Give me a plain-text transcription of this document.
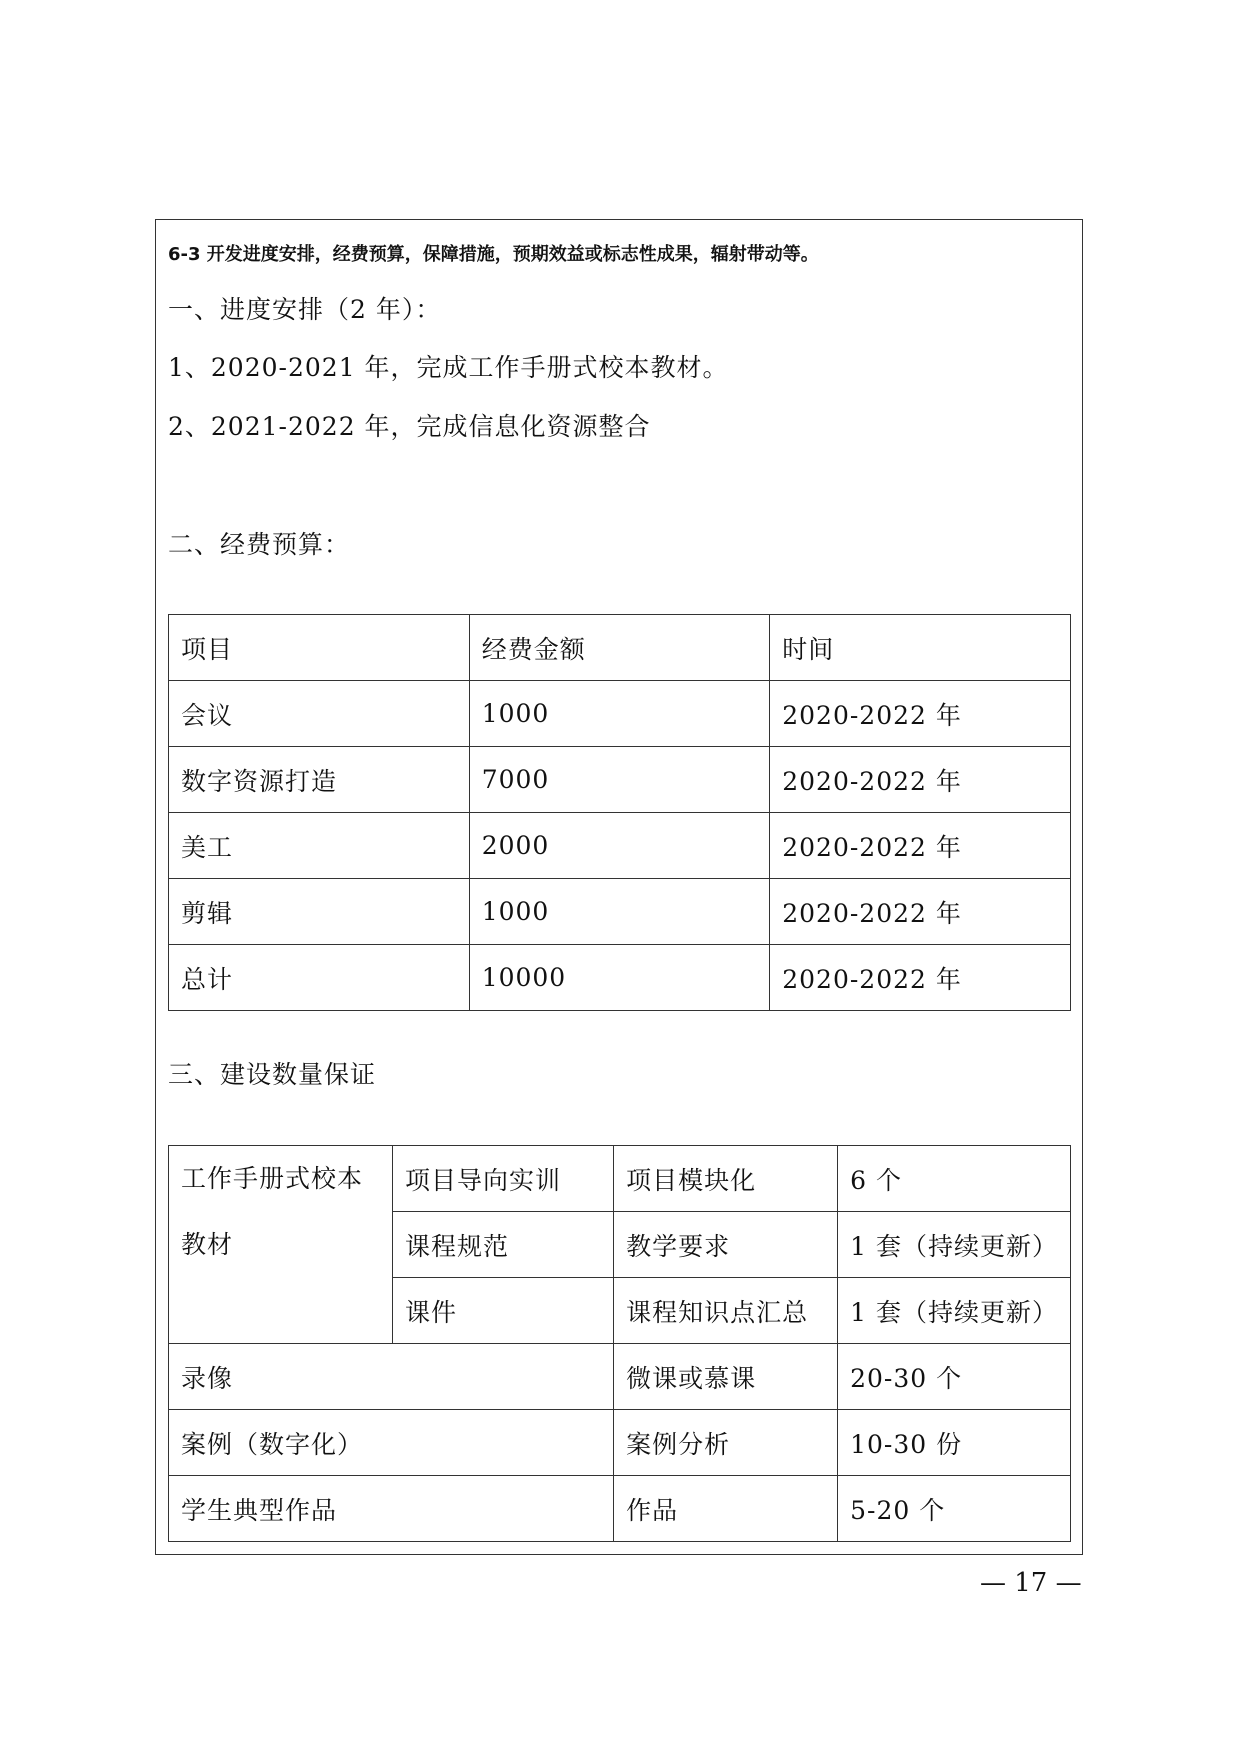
6-3 开发进度安排，经费预算，保障措施，预期效益或标志性成果，辐射带动等。
一、进度安排（2 年）：
1、2020-2021 年，完成工作手册式校本教材。
2、2021-2022 年，完成信息化资源整合
二、经费预算：
项目	经费金额	时间
会议	1000	2020-2022 年
数字资源打造	7000	2020-2022 年
美工	2000	2020-2022 年
剪辑	1000	2020-2022 年
总计	10000	2020-2022 年
三、建设数量保证
工作手册式校本
教材	项目导向实训	项目模块化	6 个
	课程规范	教学要求	1 套（持续更新）
	课件	课程知识点汇总	1 套（持续更新）
录像		微课或慕课	20-30 个
案例（数字化）		案例分析	10-30 份
学生典型作品		作品	5-20 个
— 17 —
